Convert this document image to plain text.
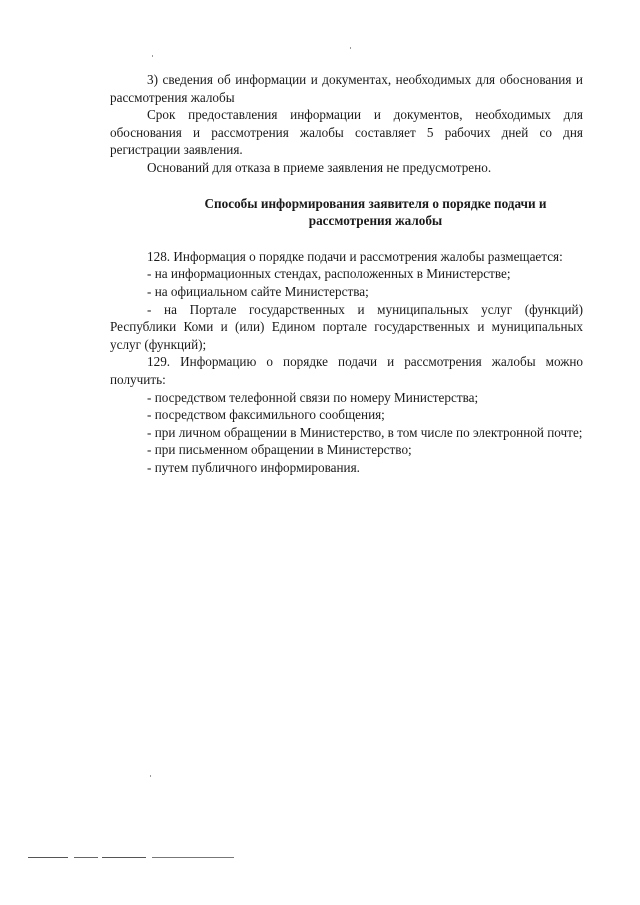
3) сведения об информации и документах, необходимых для обоснования и рассмотрения жалобы

Срок предоставления информации и документов, необходимых для обоснования и рассмотрения жалобы составляет 5 рабочих дней со дня регистрации заявления.

Оснований для отказа в приеме заявления не предусмотрено.

Способы информирования заявителя о порядке подачи и рассмотрения жалобы

128. Информация о порядке подачи и рассмотрения жалобы размещается:

- на информационных стендах, расположенных в Министерстве;

- на официальном сайте Министерства;

- на Портале государственных и муниципальных услуг (функций) Республики Коми и (или) Едином портале государственных и муниципальных услуг (функций);

129. Информацию о порядке подачи и рассмотрения жалобы можно получить:

- посредством телефонной связи по номеру Министерства;

- посредством факсимильного сообщения;

- при личном обращении в Министерство, в том числе по электронной почте;

- при письменном обращении в Министерство;

- путем публичного информирования.
